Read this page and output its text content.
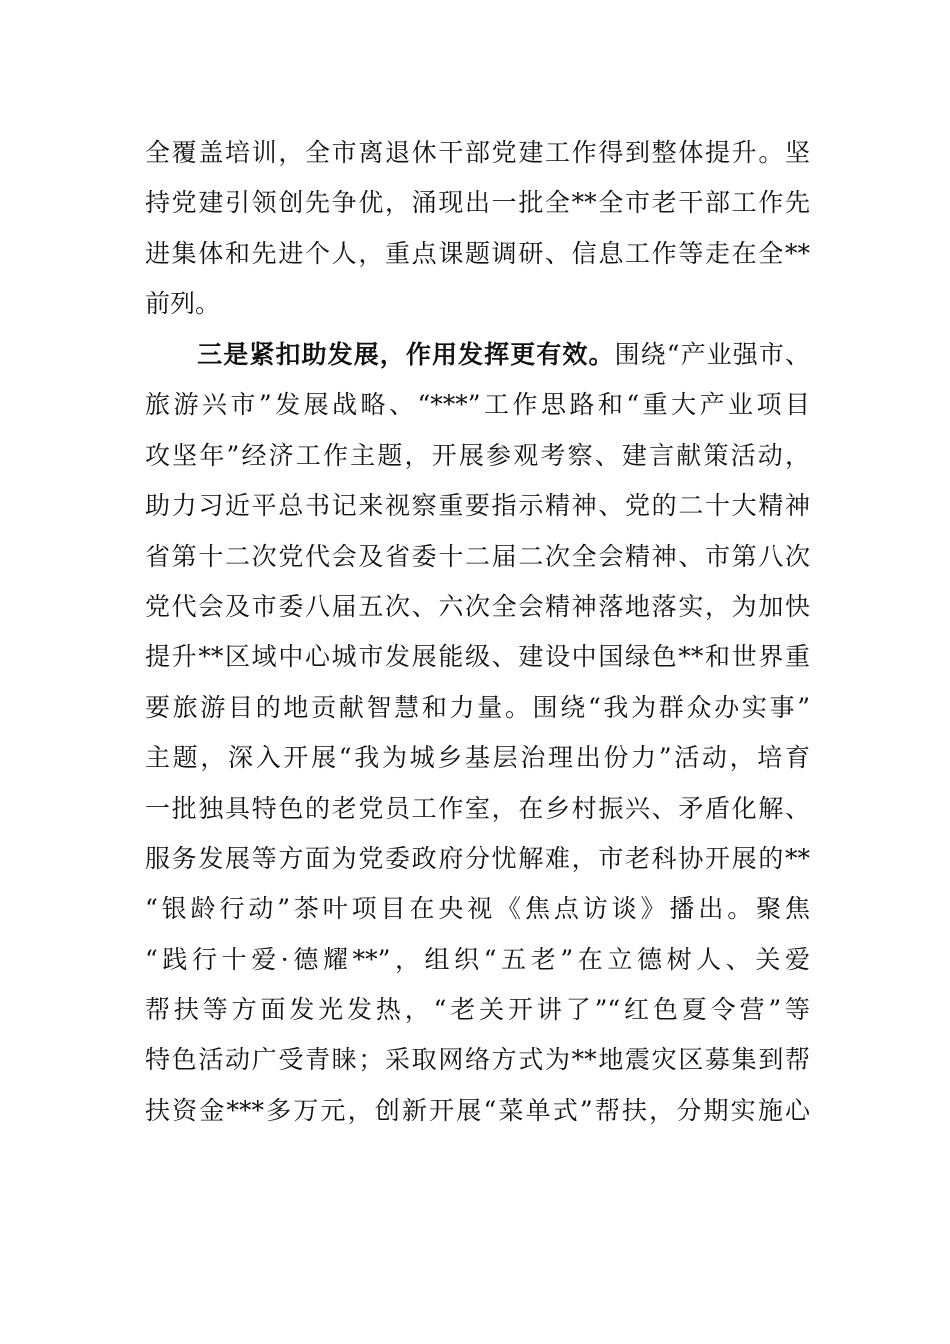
全覆盖培训，全市离退休干部党建工作得到整体提升。坚
持党建引领创先争优，涌现出一批全**全市老干部工作先
进集体和先进个人，重点课题调研、信息工作等走在全**
前列。
　　三是紧扣助发展，作用发挥更有效。围绕“产业强市、
旅游兴市”发展战略、“***”工作思路和“重大产业项目
攻坚年”经济工作主题，开展参观考察、建言献策活动，
助力习近平总书记来视察重要指示精神、党的二十大精神
省第十二次党代会及省委十二届二次全会精神、市第八次
党代会及市委八届五次、六次全会精神落地落实，为加快
提升**区域中心城市发展能级、建设中国绿色**和世界重
要旅游目的地贡献智慧和力量。围绕“我为群众办实事”
主题，深入开展“我为城乡基层治理出份力”活动，培育
一批独具特色的老党员工作室，在乡村振兴、矛盾化解、
服务发展等方面为党委政府分忧解难，市老科协开展的**
“银龄行动”茶叶项目在央视《焦点访谈》播出。聚焦
“践行十爱·德耀**”，组织“五老”在立德树人、关爱
帮扶等方面发光发热，“老关开讲了”“红色夏令营”等
特色活动广受青睐；采取网络方式为**地震灾区募集到帮
扶资金***多万元，创新开展“菜单式”帮扶，分期实施心
